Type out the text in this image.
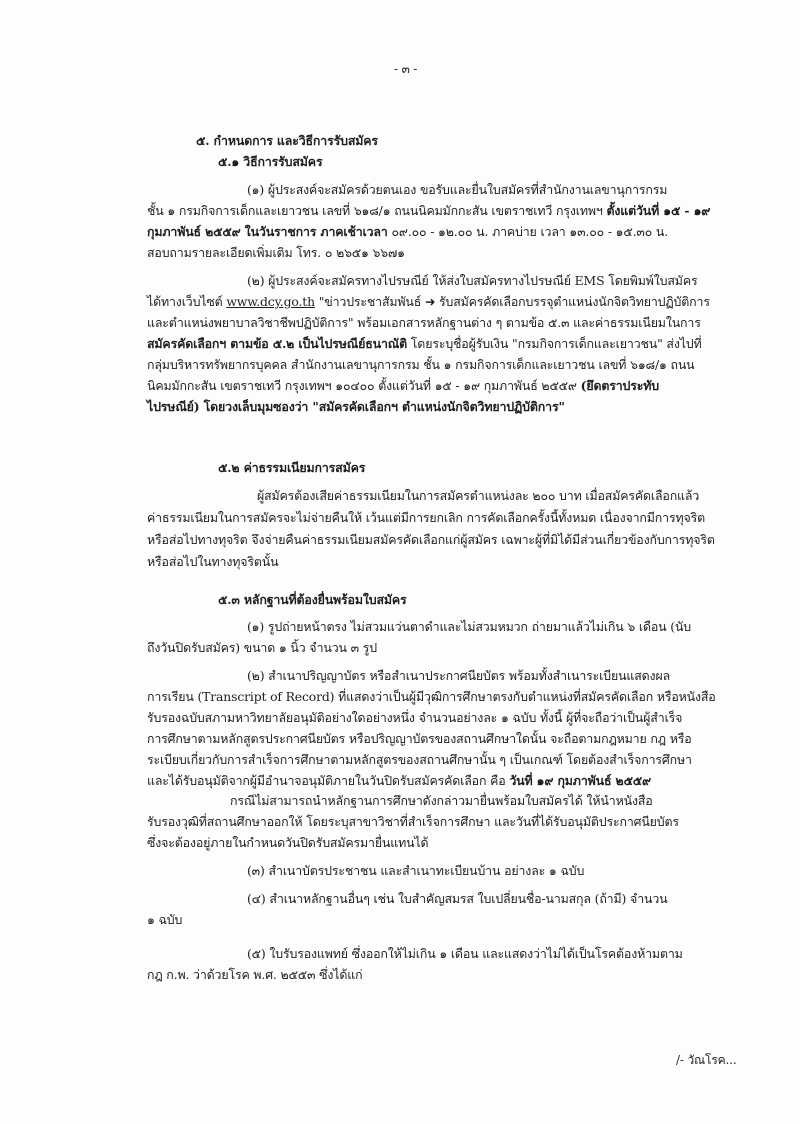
- ๓ -
๕. กำหนดการ และวิธีการรับสมัคร
๕.๑ วิธีการรับสมัคร
(๑) ผู้ประสงค์จะสมัครด้วยตนเอง ขอรับและยื่นใบสมัครที่สำนักงานเลขานุการกรม
ชั้น ๑ กรมกิจการเด็กและเยาวชน เลขที่ ๖๑๘/๑ ถนนนิคมมักกะสัน เขตราชเทวี กรุงเทพฯ ตั้งแต่วันที่ ๑๕ - ๑๙
กุมภาพันธ์ ๒๕๕๙ ในวันราชการ ภาคเช้าเวลา ๐๙.๐๐ - ๑๒.๐๐ น. ภาคบ่าย เวลา ๑๓.๐๐ - ๑๕.๓๐ น.
สอบถามรายละเอียดเพิ่มเติม โทร. ๐ ๒๖๕๑ ๖๖๗๑
(๒) ผู้ประสงค์จะสมัครทางไปรษณีย์ ให้ส่งใบสมัครทางไปรษณีย์ EMS โดยพิมพ์ใบสมัคร
ได้ทางเว็บไซต์ www.dcy.go.th "ข่าวประชาสัมพันธ์ ➜ รับสมัครคัดเลือกบรรจุตำแหน่งนักจิตวิทยาปฏิบัติการ
และตำแหน่งพยาบาลวิชาชีพปฏิบัติการ" พร้อมเอกสารหลักฐานต่าง ๆ ตามข้อ ๕.๓ และค่าธรรมเนียมในการ
สมัครคัดเลือกฯ ตามข้อ ๕.๒ เป็นไปรษณีย์ธนาณัติ โดยระบุชื่อผู้รับเงิน "กรมกิจการเด็กและเยาวชน" ส่งไปที่
กลุ่มบริหารทรัพยากรบุคคล สำนักงานเลขานุการกรม ชั้น ๑ กรมกิจการเด็กและเยาวชน เลขที่ ๖๑๘/๑ ถนน
นิคมมักกะสัน เขตราชเทวี กรุงเทพฯ ๑๐๔๐๐ ตั้งแต่วันที่ ๑๕ - ๑๙ กุมภาพันธ์ ๒๕๕๙ (ยึดตราประทับ
ไปรษณีย์) โดยวงเล็บมุมซองว่า "สมัครคัดเลือกฯ ตำแหน่งนักจิตวิทยาปฏิบัติการ"
๕.๒ ค่าธรรมเนียมการสมัคร
ผู้สมัครต้องเสียค่าธรรมเนียมในการสมัครตำแหน่งละ ๒๐๐ บาท เมื่อสมัครคัดเลือกแล้ว
ค่าธรรมเนียมในการสมัครจะไม่จ่ายคืนให้ เว้นแต่มีการยกเลิก การคัดเลือกครั้งนี้ทั้งหมด เนื่องจากมีการทุจริต
หรือส่อไปทางทุจริต จึงจ่ายคืนค่าธรรมเนียมสมัครคัดเลือกแก่ผู้สมัคร เฉพาะผู้ที่มิได้มีส่วนเกี่ยวข้องกับการทุจริต
หรือส่อไปในทางทุจริตนั้น
๕.๓ หลักฐานที่ต้องยื่นพร้อมใบสมัคร
(๑) รูปถ่ายหน้าตรง ไม่สวมแว่นตาดำและไม่สวมหมวก ถ่ายมาแล้วไม่เกิน ๖ เดือน (นับ
ถึงวันปิดรับสมัคร) ขนาด ๑ นิ้ว จำนวน ๓ รูป
(๒) สำเนาปริญญาบัตร หรือสำเนาประกาศนียบัตร พร้อมทั้งสำเนาระเบียนแสดงผล
การเรียน (Transcript of Record) ที่แสดงว่าเป็นผู้มีวุฒิการศึกษาตรงกับตำแหน่งที่สมัครคัดเลือก หรือหนังสือ
รับรองฉบับสภามหาวิทยาลัยอนุมัติอย่างใดอย่างหนึ่ง จำนวนอย่างละ ๑ ฉบับ ทั้งนี้ ผู้ที่จะถือว่าเป็นผู้สำเร็จ
การศึกษาตามหลักสูตรประกาศนียบัตร หรือปริญญาบัตรของสถานศึกษาใดนั้น จะถือตามกฎหมาย กฎ หรือ
ระเบียบเกี่ยวกับการสำเร็จการศึกษาตามหลักสูตรของสถานศึกษานั้น ๆ เป็นเกณฑ์ โดยต้องสำเร็จการศึกษา
และได้รับอนุมัติจากผู้มีอำนาจอนุมัติภายในวันปิดรับสมัครคัดเลือก คือ วันที่ ๑๙ กุมภาพันธ์ ๒๕๕๙
กรณีไม่สามารถนำหลักฐานการศึกษาดังกล่าวมายื่นพร้อมใบสมัครได้ ให้นำหนังสือ
รับรองวุฒิที่สถานศึกษาออกให้ โดยระบุสาขาวิชาที่สำเร็จการศึกษา และวันที่ได้รับอนุมัติประกาศนียบัตร
ซึ่งจะต้องอยู่ภายในกำหนดวันปิดรับสมัครมายื่นแทนได้
(๓) สำเนาบัตรประชาชน และสำเนาทะเบียนบ้าน อย่างละ ๑ ฉบับ
(๔) สำเนาหลักฐานอื่นๆ เช่น ใบสำคัญสมรส ใบเปลี่ยนชื่อ-นามสกุล (ถ้ามี) จำนวน
๑ ฉบับ
(๕) ใบรับรองแพทย์ ซึ่งออกให้ไม่เกิน ๑ เดือน และแสดงว่าไม่ได้เป็นโรคต้องห้ามตาม
กฎ ก.พ. ว่าด้วยโรค พ.ศ. ๒๕๕๓ ซึ่งได้แก่
/- วัณโรค...
